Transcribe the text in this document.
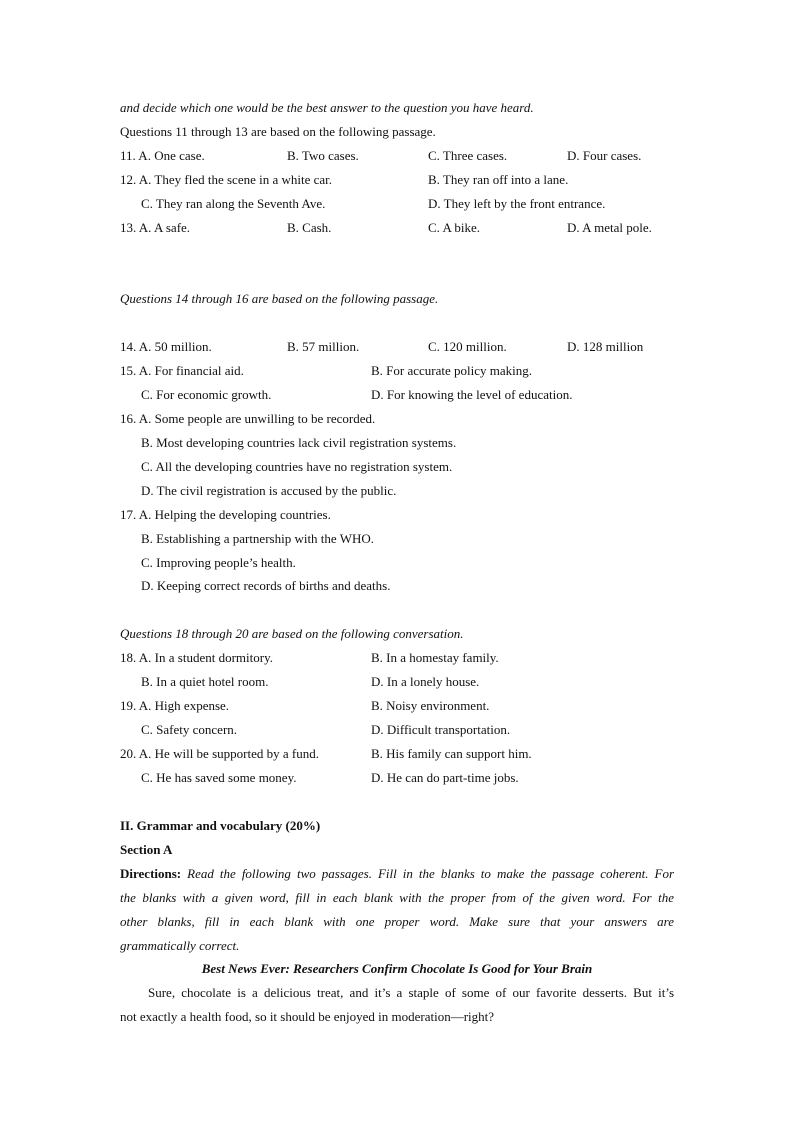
and decide which one would be the best answer to the question you have heard.
Questions 11 through 13 are based on the following passage.
11. A. One case.	B. Two cases.	C. Three cases.	D. Four cases.
12. A. They fled the scene in a white car.	B. They ran off into a lane.
C. They ran along the Seventh Ave.	D. They left by the front entrance.
13. A. A safe.	B. Cash.	C. A bike.	D. A metal pole.
Questions 14 through 16 are based on the following passage.
14. A. 50 million.	B. 57 million.	C. 120 million.	D. 128 million
15. A. For financial aid.	B. For accurate policy making.
C. For economic growth.	D. For knowing the level of education.
16. A. Some people are unwilling to be recorded.
B. Most developing countries lack civil registration systems.
C. All the developing countries have no registration system.
D. The civil registration is accused by the public.
17. A. Helping the developing countries.
B. Establishing a partnership with the WHO.
C. Improving people’s health.
D. Keeping correct records of births and deaths.
Questions 18 through 20 are based on the following conversation.
18. A. In a student dormitory.	B. In a homestay family.
B. In a quiet hotel room.	D. In a lonely house.
19. A. High expense.	B. Noisy environment.
C. Safety concern.	D. Difficult transportation.
20. A. He will be supported by a fund.	B. His family can support him.
C. He has saved some money.	D. He can do part-time jobs.
II. Grammar and vocabulary (20%)
Section A
Directions: Read the following two passages. Fill in the blanks to make the passage coherent. For
the blanks with a given word, fill in each blank with the proper from of the given word. For the
other blanks, fill in each blank with one proper word. Make sure that your answers are
grammatically correct.
Best News Ever: Researchers Confirm Chocolate Is Good for Your Brain
Sure, chocolate is a delicious treat, and it’s a staple of some of our favorite desserts. But it’s
not exactly a health food, so it should be enjoyed in moderation—right?
